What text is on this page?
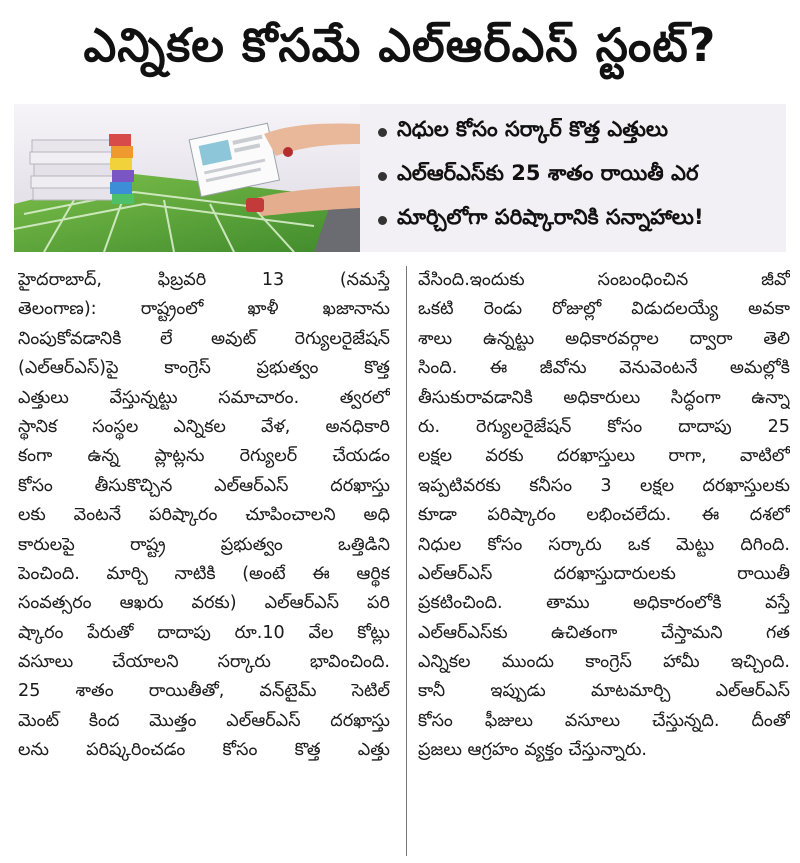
ఎన్నికల కోసమే ఎల్‌ఆర్‌ఎస్ స్టంట్?
నిధుల కోసం సర్కార్ కొత్త ఎత్తులు
ఎల్‌ఆర్‌ఎస్‌కు 25 శాతం రాయితీ ఎర
మార్చిలోగా పరిష్కారానికి సన్నాహాలు!
హైదరాబాద్, ఫిబ్రవరి 13 (నమస్తే
తెలంగాణ): రాష్ట్రంలో ఖాళీ ఖజానాను
నింపుకోవడానికి లే అవుట్ రెగ్యులరైజేషన్
(ఎల్‌ఆర్‌ఎస్)పై కాంగ్రెస్ ప్రభుత్వం కొత్త
ఎత్తులు వేస్తున్నట్టు సమాచారం. త్వరలో
స్థానిక సంస్థల ఎన్నికల వేళ, అనధికారి
కంగా ఉన్న ప్లాట్లను రెగ్యులర్ చేయడం
కోసం తీసుకొచ్చిన ఎల్‌ఆర్‌ఎస్ దరఖాస్తు
లకు వెంటనే పరిష్కారం చూపించాలని అధి
కారులపై రాష్ట్ర ప్రభుత్వం ఒత్తిడిని
పెంచింది. మార్చి నాటికి (అంటే ఈ ఆర్థిక
సంవత్సరం ఆఖరు వరకు) ఎల్‌ఆర్‌ఎస్ పరి
ష్కారం పేరుతో దాదాపు రూ.10 వేల కోట్లు
వసూలు చేయాలని సర్కారు భావించింది.
25 శాతం రాయితీతో, వన్‌టైమ్ సెటిల్
మెంట్ కింద మొత్తం ఎల్‌ఆర్‌ఎస్ దరఖాస్తు
లను పరిష్కరించడం కోసం కొత్త ఎత్తు
వేసింది.ఇందుకు సంబంధించిన జీవో
ఒకటి రెండు రోజుల్లో విడుదలయ్యే అవకా
శాలు ఉన్నట్టు అధికారవర్గాల ద్వారా తెలి
సింది. ఈ జీవోను వెనువెంటనే అమల్లోకి
తీసుకురావడానికి అధికారులు సిద్ధంగా ఉన్నా
రు. రెగ్యులరైజేషన్ కోసం దాదాపు 25
లక్షల వరకు దరఖాస్తులు రాగా, వాటిలో
ఇప్పటివరకు కనీసం 3 లక్షల దరఖాస్తులకు
కూడా పరిష్కారం లభించలేదు. ఈ దశలో
నిధుల కోసం సర్కారు ఒక మెట్టు దిగింది.
ఎల్‌ఆర్‌ఎస్ దరఖాస్తుదారులకు రాయితీ
ప్రకటించింది. తాము అధికారంలోకి వస్తే
ఎల్‌ఆర్‌ఎస్‌కు ఉచితంగా చేస్తామని గత
ఎన్నికల ముందు కాంగ్రెస్ హామీ ఇచ్చింది.
కానీ ఇప్పుడు మాటమార్చి ఎల్‌ఆర్‌ఎస్
కోసం ఫీజులు వసూలు చేస్తున్నది. దీంతో
ప్రజలు ఆగ్రహం వ్యక్తం చేస్తున్నారు.
